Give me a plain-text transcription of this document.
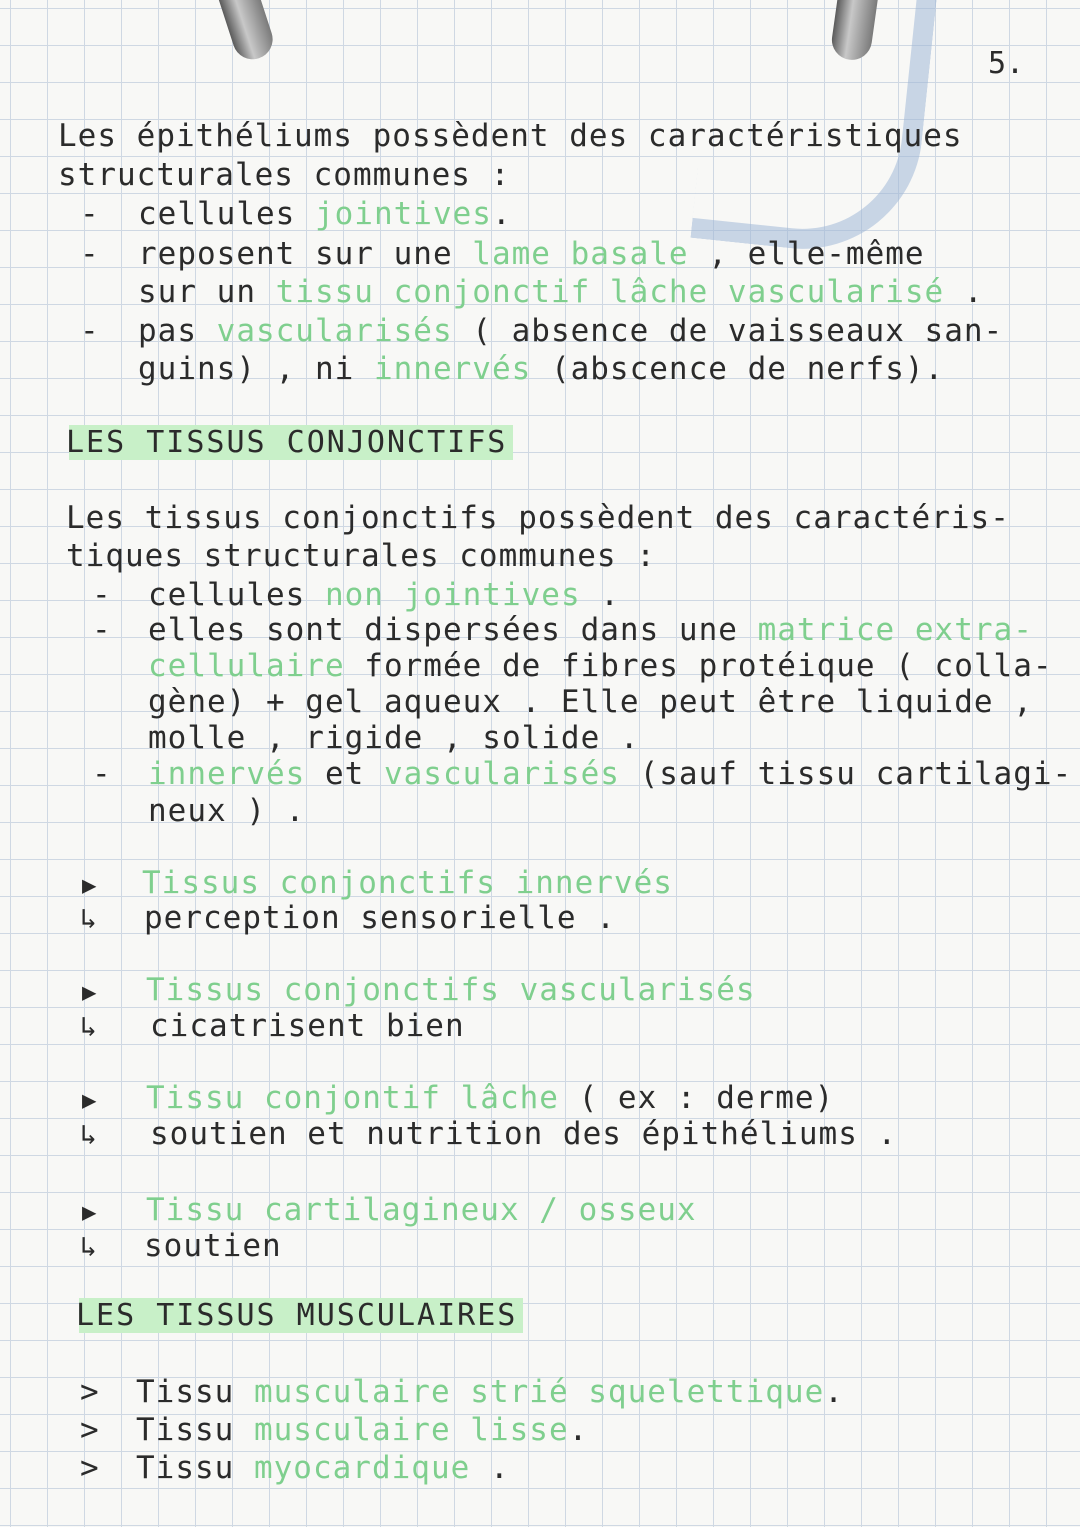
5.
Les épithéliums possèdent des caractéristiques
structurales communes :
- cellules jointives.
- reposent sur une lame basale , elle-même
sur un tissu conjonctif lâche vascularisé .
- pas vascularisés ( absence de vaisseaux san-
guins) , ni innervés (abscence de nerfs).
LES TISSUS CONJONCTIFS
Les tissus conjonctifs possèdent des caractéris-
tiques structurales communes :
- cellules non jointives .
- elles sont dispersées dans une matrice extra-
cellulaire formée de fibres protéique ( colla-
gène) + gel aqueux . Elle peut être liquide ,
molle , rigide , solide .
- innervés et vascularisés (sauf tissu cartilagi-
neux ) .
▶ Tissus conjonctifs innervés
↳ perception sensorielle .
▶ Tissus conjonctifs vascularisés
↳ cicatrisent bien
▶ Tissu conjontif lâche ( ex : derme)
↳ soutien et nutrition des épithéliums .
▶ Tissu cartilagineux / osseux
↳ soutien
LES TISSUS MUSCULAIRES
> Tissu musculaire strié squelettique.
> Tissu musculaire lisse.
> Tissu myocardique .
